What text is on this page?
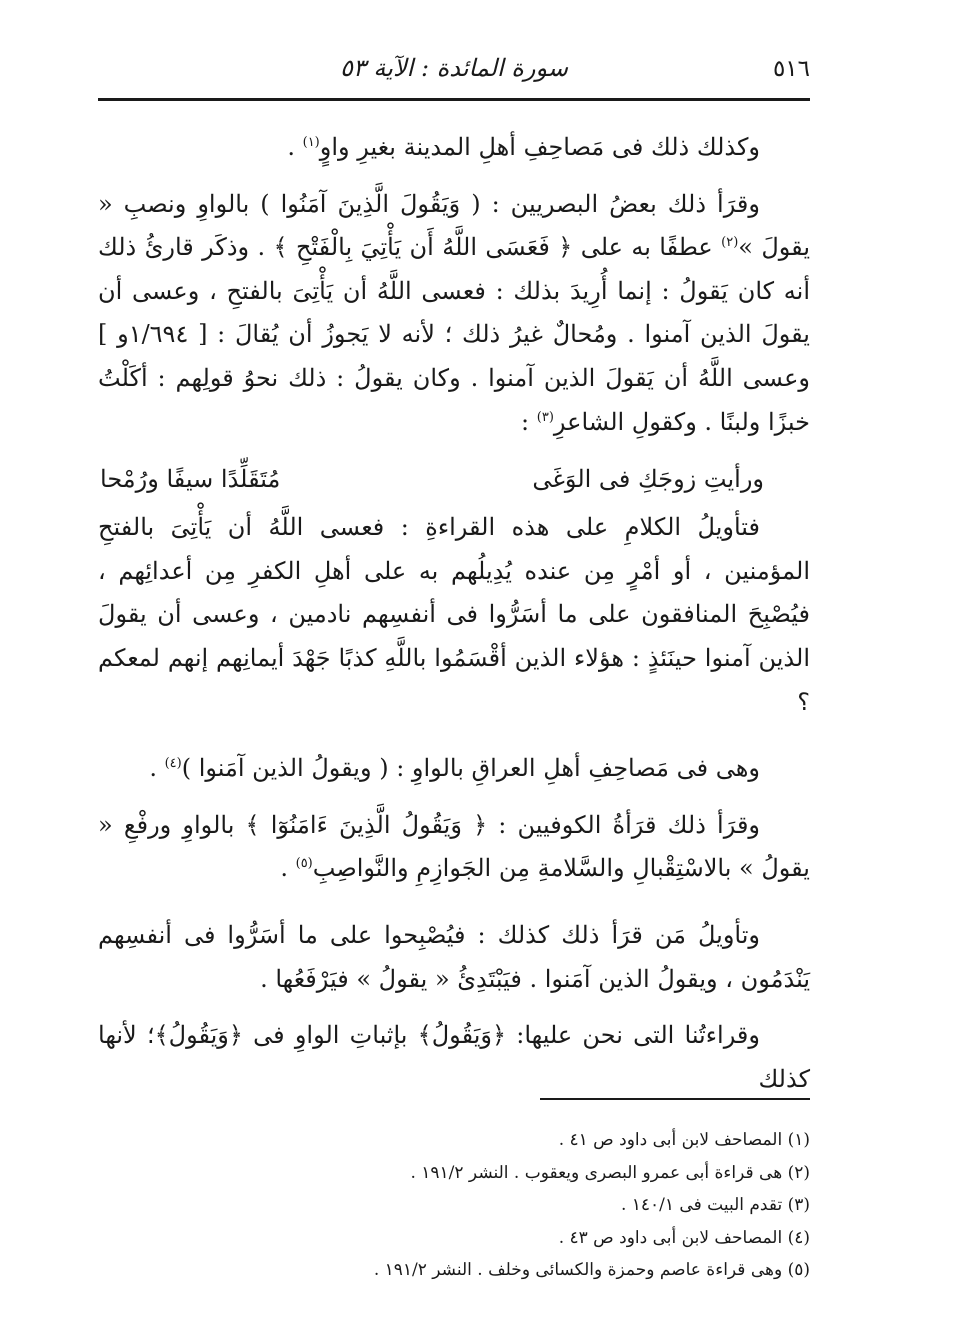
٥١٦
سورة المائدة : الآية ٥٣

وكذلك ذلك فى مَصاحِفِ أهلِ المدينة بغيرِ واوٍ$^{(١)}$ .

وقرَأ ذلك بعضُ البصريين : ( وَيَقُولَ الَّذِينَ آمَنُوا ) بالواوِ ونصبِ « يقولَ »$^{(٢)}$ عطفًا به على ﴿ فَعَسَى اللَّهُ أَن يَأْتِيَ بِالْفَتْحِ ﴾ . وذكَر قارئُ ذلك أنه كان يَقولُ : إنما أُرِيدَ بذلك : فعسى اللَّهُ أن يَأْتِىَ بالفتحِ ، وعسى أن يقولَ الذين آمنوا . ومُحالٌ غيرُ ذلك ؛ لأنه لا يَجوزُ أن يُقالَ : [ ١/٦٩٤و ] وعسى اللَّهُ أن يَقولَ الذين آمنوا . وكان يقولُ : ذلك نحوُ قولِهم : أكَلْتُ خبزًا ولبنًا . وكقولِ الشاعرِ$^{(٣)}$ :

ورأيتِ زوجَكِ فى الوَغَى
مُتَقَلِّدًا سيفًا ورُمْحا

فتأويلُ الكلامِ على هذه القراءةِ : فعسى اللَّهُ أن يَأْتِىَ بالفتحِ المؤمنين ، أو أمْرٍ مِن عنده يُدِيلُهم به على أهلِ الكفرِ مِن أعدائِهم ، فيُصْبِحَ المنافقون على ما أسَرُّوا فى أنفسِهم نادمين ، وعسى أن يقولَ الذين آمنوا حينَئذٍ : هؤلاء الذين أقْسَمُوا باللَّهِ كذبًا جَهْدَ أيمانِهم إنهم لمعكم ؟

وهى فى مَصاحِفِ أهلِ العراقِ بالواوِ : ( ويقولُ الذين آمَنوا )$^{(٤)}$ .

وقرَأ ذلك قرَأةُ الكوفيين : ﴿ وَيَقُولُ الَّذِينَ ءَامَنُوٓا ﴾ بالواوِ ورفْعِ « يقولُ » بالاسْتِقْبالِ والسَّلامةِ مِن الجَوازِمِ والنَّواصِبِ$^{(٥)}$ .

وتأويلُ مَن قرَأ ذلك كذلك : فيُصْبِحوا على ما أسَرُّوا فى أنفسِهم يَنْدَمُون ، ويقولُ الذين آمَنوا . فيَبْتَدِئُ « يقولُ » فيَرْفَعُها .

وقراءتُنا التى نحن عليها: ﴿وَيَقُولُ﴾ بإثباتِ الواوِ فى ﴿وَيَقُولُ﴾؛ لأنها كذلك

(١) المصاحف لابن أبى داود ص ٤١ .
(٢) هى قراءة أبى عمرو البصرى ويعقوب . النشر ١٩١/٢ .
(٣) تقدم البيت فى ١٤٠/١ .
(٤) المصاحف لابن أبى داود ص ٤٣ .
(٥) وهى قراءة عاصم وحمزة والكسائى وخلف . النشر ١٩١/٢ .
